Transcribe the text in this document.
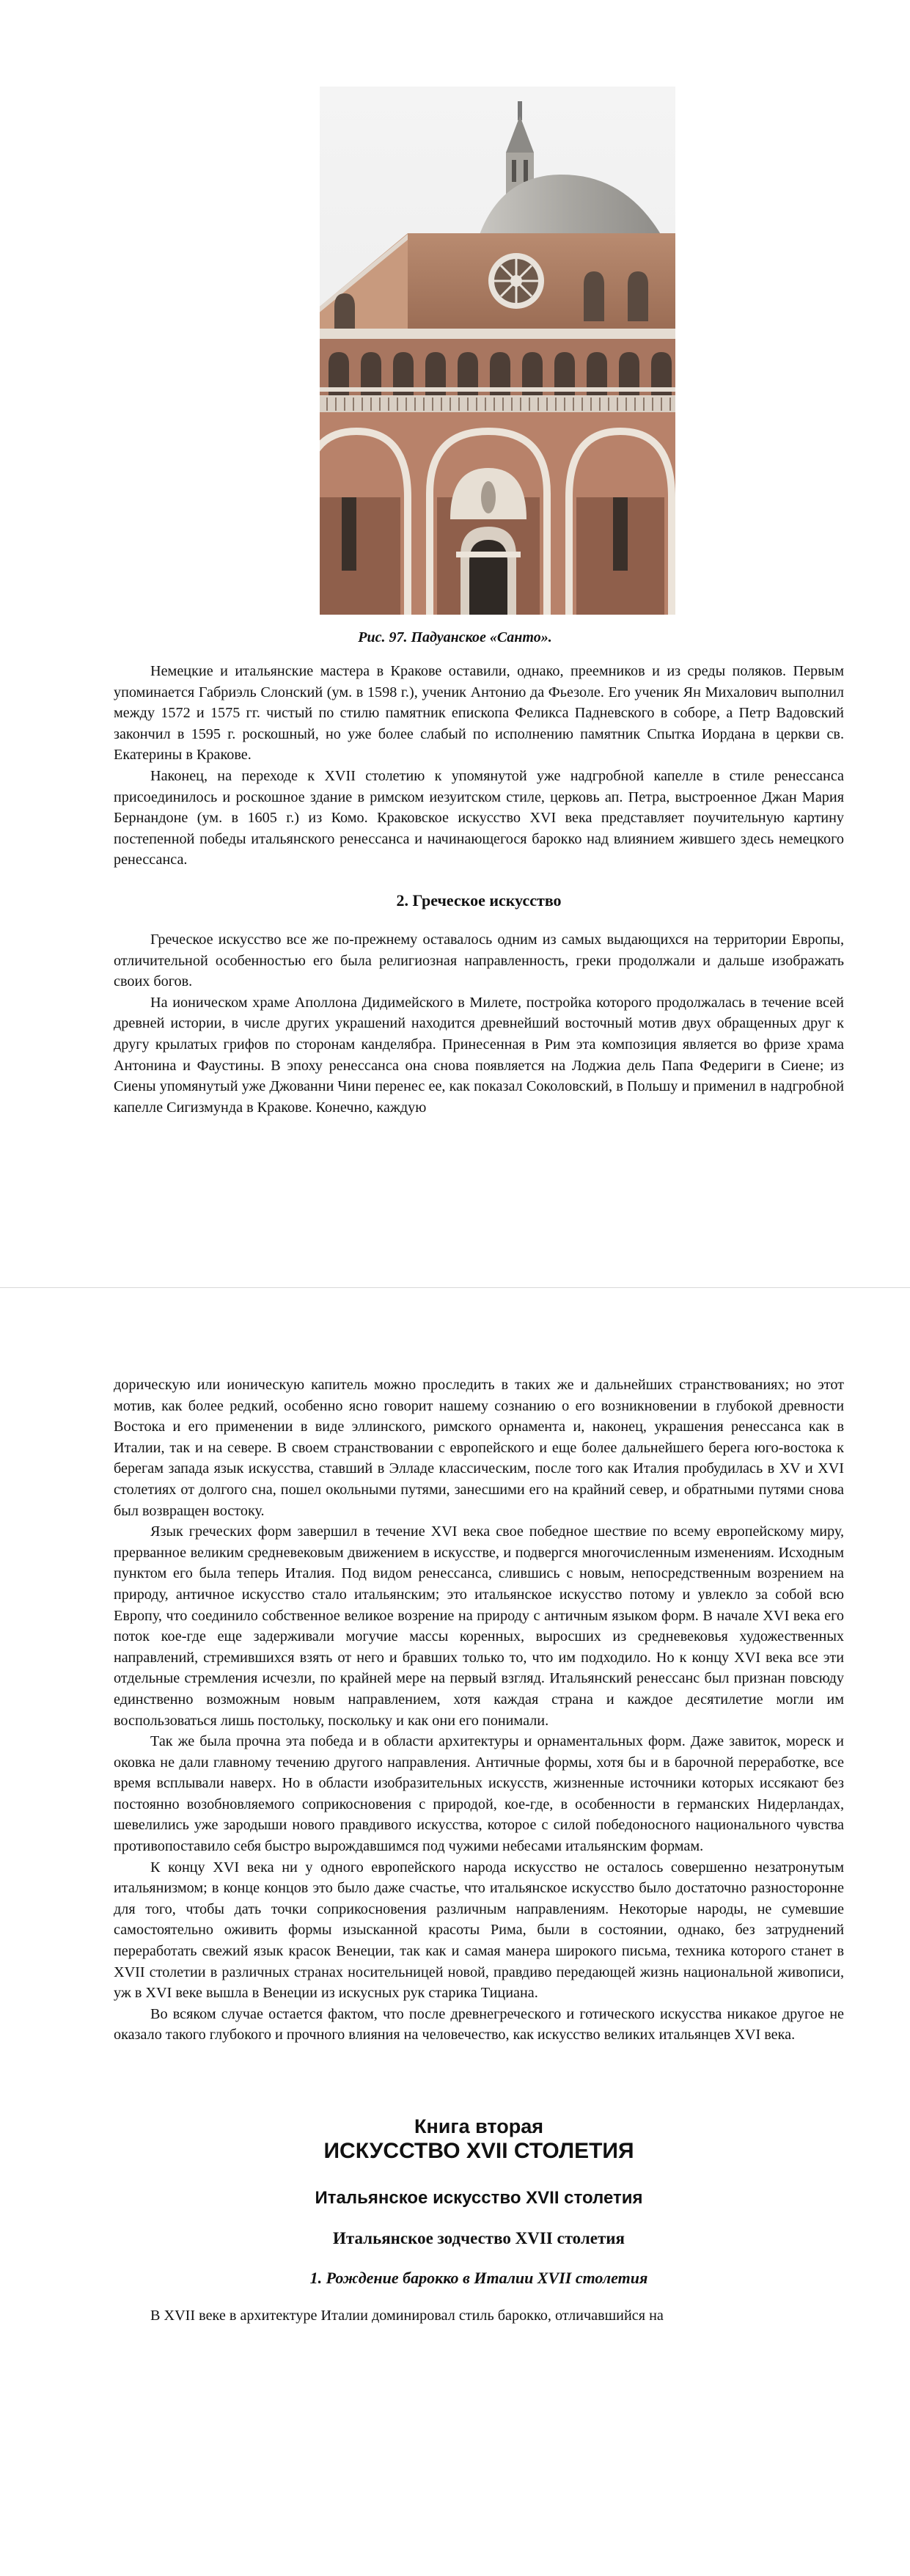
Рис. 97. Падуанское «Санто».

Немецкие и итальянские мастера в Кракове оставили, однако, преемников и из среды поляков. Первым упоминается Габриэль Слонский (ум. в 1598 г.), ученик Антонио да Фьезоле. Его ученик Ян Михалович выполнил между 1572 и 1575 гг. чистый по стилю памятник епископа Феликса Падневского в соборе, а Петр Вадовский закончил в 1595 г. роскошный, но уже более слабый по исполнению памятник Спытка Иордана в церкви св. Екатерины в Кракове.

Наконец, на переходе к XVII столетию к упомянутой уже надгробной капелле в стиле ренессанса присоединилось и роскошное здание в римском иезуитском стиле, церковь ап. Петра, выстроенное Джан Мария Бернандоне (ум. в 1605 г.) из Комо. Краковское искусство XVI века представляет поучительную картину постепенной победы итальянского ренессанса и начинающегося барокко над влиянием жившего здесь немецкого ренессанса.

2. Греческое искусство

Греческое искусство все же по-прежнему оставалось одним из самых выдающихся на территории Европы, отличительной особенностью его была религиозная направленность, греки продолжали и дальше изображать своих богов.

На ионическом храме Аполлона Дидимейского в Милете, постройка которого продолжалась в течение всей древней истории, в числе других украшений находится древнейший восточный мотив двух обращенных друг к другу крылатых грифов по сторонам канделябра. Принесенная в Рим эта композиция является во фризе храма Антонина и Фаустины. В эпоху ренессанса она снова появляется на Лоджиа дель Папа Федериги в Сиене; из Сиены упомянутый уже Джованни Чини перенес ее, как показал Соколовский, в Польшу и применил в надгробной капелле Сигизмунда в Кракове. Конечно, каждую

дорическую или ионическую капитель можно проследить в таких же и дальнейших странствованиях; но этот мотив, как более редкий, особенно ясно говорит нашему сознанию о его возникновении в глубокой древности Востока и его применении в виде эллинского, римского орнамента и, наконец, украшения ренессанса как в Италии, так и на севере. В своем странствовании с европейского и еще более дальнейшего берега юго-востока к берегам запада язык искусства, ставший в Элладе классическим, после того как Италия пробудилась в XV и XVI столетиях от долгого сна, пошел окольными путями, занесшими его на крайний север, и обратными путями снова был возвращен востоку.

Язык греческих форм завершил в течение XVI века свое победное шествие по всему европейскому миру, прерванное великим средневековым движением в искусстве, и подвергся многочисленным изменениям. Исходным пунктом его была теперь Италия. Под видом ренессанса, слившись с новым, непосредственным возрением на природу, античное искусство стало итальянским; это итальянское искусство потому и увлекло за собой всю Европу, что соединило собственное великое возрение на природу с античным языком форм. В начале XVI века его поток кое-где еще задерживали могучие массы коренных, выросших из средневековья художественных направлений, стремившихся взять от него и бравших только то, что им подходило. Но к концу XVI века все эти отдельные стремления исчезли, по крайней мере на первый взгляд. Итальянский ренессанс был признан повсюду единственно возможным новым направлением, хотя каждая страна и каждое десятилетие могли им воспользоваться лишь постольку, поскольку и как они его понимали.

Так же была прочна эта победа и в области архитектуры и орнаментальных форм. Даже завиток, мореск и оковка не дали главному течению другого направления. Античные формы, хотя бы и в барочной переработке, все время всплывали наверх. Но в области изобразительных искусств, жизненные источники которых иссякают без постоянно возобновляемого соприкосновения с природой, кое-где, в особенности в германских Нидерландах, шевелились уже зародыши нового правдивого искусства, которое с силой победоносного национального чувства противопоставило себя быстро вырождавшимся под чужими небесами итальянским формам.

К концу XVI века ни у одного европейского народа искусство не осталось совершенно незатронутым итальянизмом; в конце концов это было даже счастье, что итальянское искусство было достаточно разносторонне для того, чтобы дать точки соприкосновения различным направлениям. Некоторые народы, не сумевшие самостоятельно оживить формы изысканной красоты Рима, были в состоянии, однако, без затруднений переработать свежий язык красок Венеции, так как и самая манера широкого письма, техника которого станет в XVII столетии в различных странах носительницей новой, правдиво передающей жизнь национальной живописи, уж в XVI веке вышла в Венеции из искусных рук старика Тициана.

Во всяком случае остается фактом, что после древнегреческого и готического искусства никакое другое не оказало такого глубокого и прочного влияния на человечество, как искусство великих итальянцев XVI века.

Книга вторая
ИСКУССТВО XVII СТОЛЕТИЯ
Итальянское искусство XVII столетия
Итальянское зодчество XVII столетия
1. Рождение барокко в Италии XVII столетия

В XVII веке в архитектуре Италии доминировал стиль барокко, отличавшийся на
